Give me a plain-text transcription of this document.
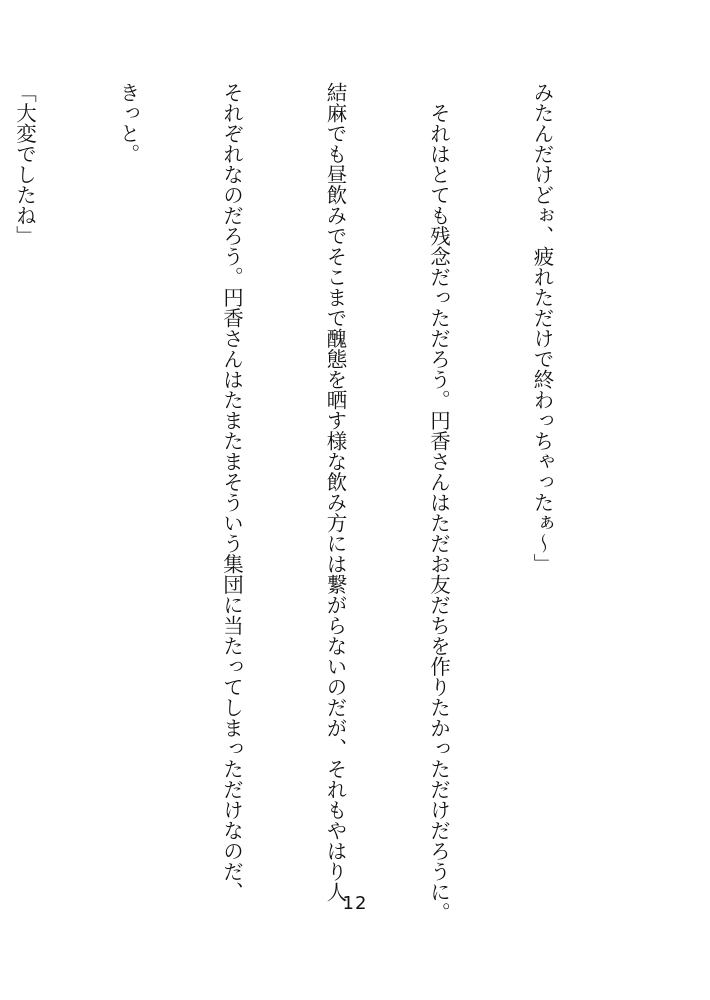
みたんだけどぉ、疲れただけで終わっちゃったぁ〜」

　それはとても残念だっただろう。円香さんはただお友だちを作りたかっただけだろうに。

結麻でも昼飲みでそこまで醜態を晒す様な飲み方には繋がらないのだが、それもやはり人

それぞれなのだろう。円香さんはたまたまそういう集団に当たってしまっただけなのだ、

きっと。

「大変でしたね」

12
